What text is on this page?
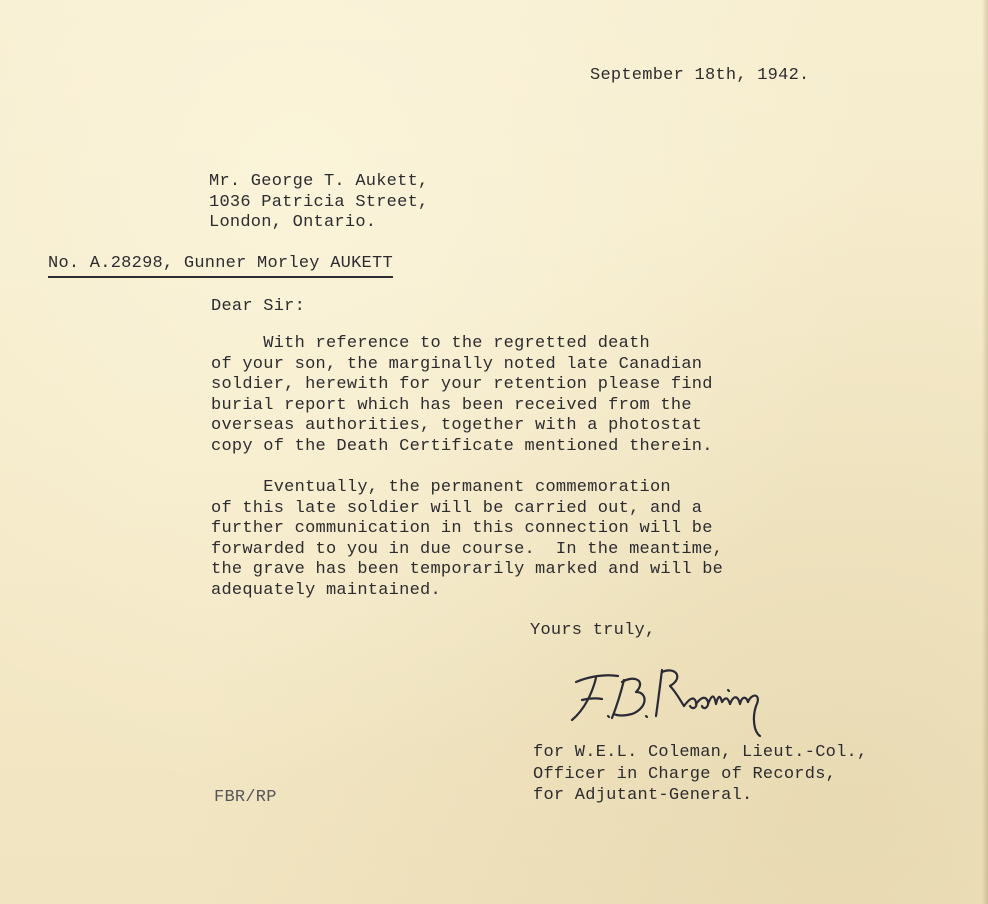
September 18th, 1942.
Mr. George T. Aukett,
1036 Patricia Street,
London, Ontario.
No. A.28298, Gunner Morley AUKETT
Dear Sir:
With reference to the regretted death
of your son, the marginally noted late Canadian
soldier, herewith for your retention please find
burial report which has been received from the
overseas authorities, together with a photostat
copy of the Death Certificate mentioned therein.
Eventually, the permanent commemoration
of this late soldier will be carried out, and a
further communication in this connection will be
forwarded to you in due course.  In the meantime,
the grave has been temporarily marked and will be
adequately maintained.
Yours truly,
for W.E.L. Coleman, Lieut.-Col.,
Officer in Charge of Records,
for Adjutant-General.
FBR/RP
